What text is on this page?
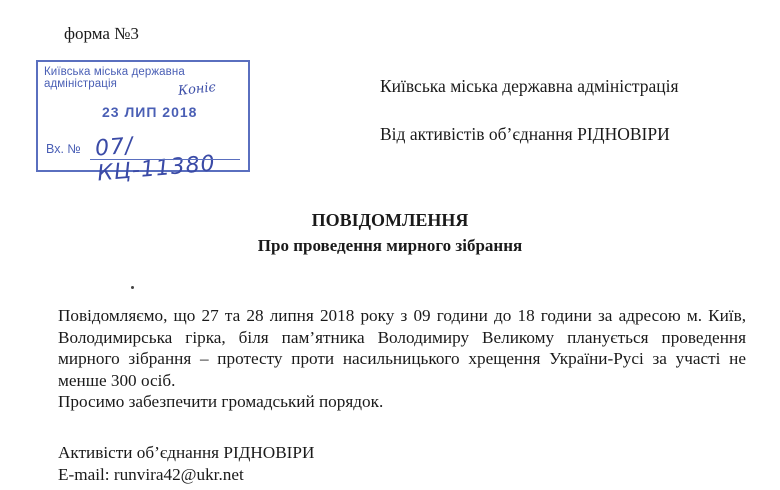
форма №3
Київська міська державна адміністрація	Коніє
23 ЛИП 2018
Вх. № 07/КЦ-11380
Київська міська державна адміністрація
Від активістів об’єднання РІДНОВІРИ
ПОВІДОМЛЕННЯ
Про проведення мирного зібрання

Повідомляємо, що 27 та 28 липня 2018 року з 09 години до 18 години за адресою м. Київ, Володимирська гірка, біля пам’ятника Володимиру Великому планується проведення мирного зібрання – протесту проти насильницького хрещення України-Русі за участі не менше 300 осіб.

Просимо забезпечити громадський порядок.

Активісти об’єднання РІДНОВІРИ
E-mail: runvira42@ukr.net
